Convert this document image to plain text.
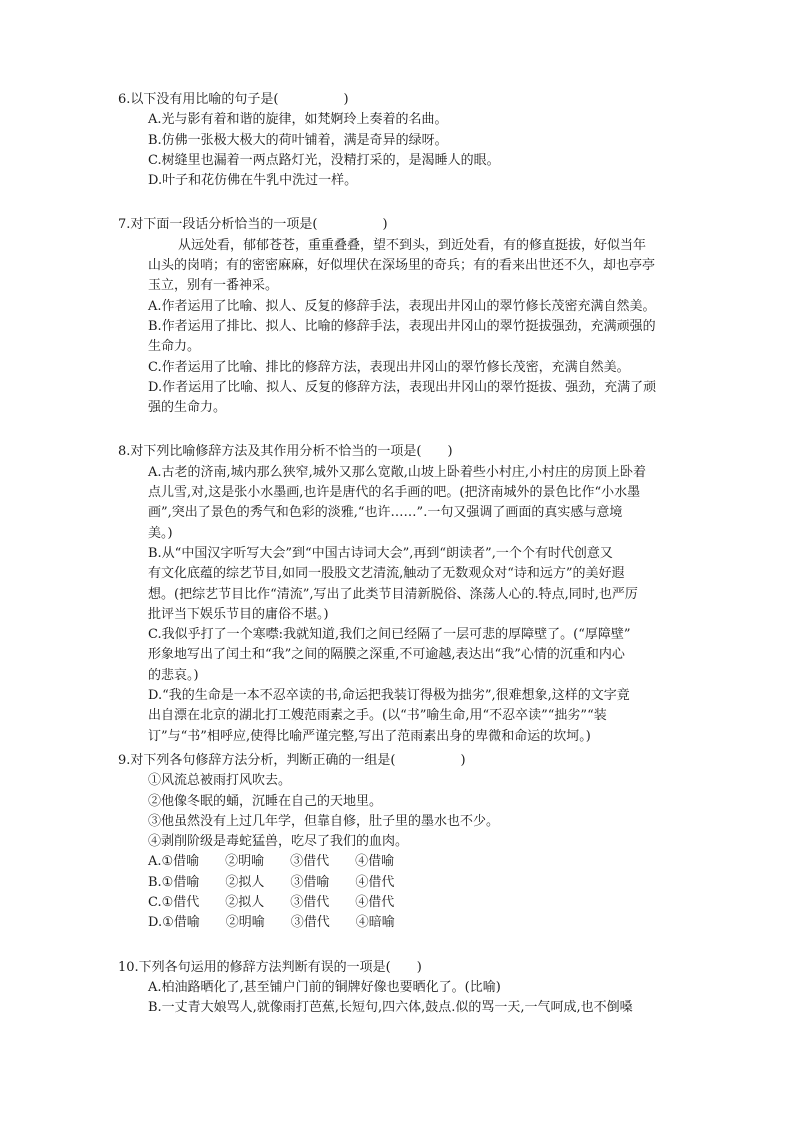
6.以下没有用比喻的句子是(　　　　　)
A.光与影有着和谐的旋律，如梵婀玲上奏着的名曲。
B.仿佛一张极大极大的荷叶铺着，满是奇异的绿呀。
C.树缝里也漏着一两点路灯光，没精打采的，是渴睡人的眼。
D.叶子和花仿佛在牛乳中洗过一样。
7.对下面一段话分析恰当的一项是(　　　　　)
从远处看，郁郁苍苍，重重叠叠，望不到头，到近处看，有的修直挺拔，好似当年
山头的岗哨；有的密密麻麻，好似埋伏在深场里的奇兵；有的看来出世还不久，却也亭亭
玉立，别有一番神采。
A.作者运用了比喻、拟人、反复的修辞手法，表现出井冈山的翠竹修长茂密充满自然美。
B.作者运用了排比、拟人、比喻的修辞手法，表现出井冈山的翠竹挺拔强劲，充满顽强的
生命力。
C.作者运用了比喻、排比的修辞方法，表现出井冈山的翠竹修长茂密，充满自然美。
D.作者运用了比喻、拟人、反复的修辞方法，表现出井冈山的翠竹挺拔、强劲，充满了顽
强的生命力。
8.对下列比喻修辞方法及其作用分析不恰当的一项是(　　)
A.古老的济南,城内那么狭窄,城外又那么宽敞,山坡上卧着些小村庄,小村庄的房顶上卧着
点儿雪,对,这是张小水墨画,也许是唐代的名手画的吧。(把济南城外的景色比作“小水墨
画”,突出了景色的秀气和色彩的淡雅,“也许……”.一句又强调了画面的真实感与意境
美。)
B.从“中国汉字听写大会”到“中国古诗词大会”,再到“朗读者”,一个个有时代创意又
有文化底蕴的综艺节目,如同一股股文艺清流,触动了无数观众对“诗和远方”的美好遐
想。(把综艺节目比作“清流”,写出了此类节目清新脱俗、涤荡人心的.特点,同时,也严厉
批评当下娱乐节目的庸俗不堪。)
C.我似乎打了一个寒噤:我就知道,我们之间已经隔了一层可悲的厚障壁了。(“厚障壁”
形象地写出了闰土和“我”之间的隔膜之深重,不可逾越,表达出“我”心情的沉重和内心
的悲哀。)
D.“我的生命是一本不忍卒读的书,命运把我装订得极为拙劣”,很难想象,这样的文字竟
出自漂在北京的湖北打工嫂范雨素之手。(以“书”喻生命,用“不忍卒读”“拙劣”“装
订”与“书”相呼应,使得比喻严谨完整,写出了范雨素出身的卑微和命运的坎坷。)
9.对下列各句修辞方法分析，判断正确的一组是(　　　　　)
①风流总被雨打风吹去。
②他像冬眠的蛹，沉睡在自己的天地里。
③他虽然没有上过几年学，但靠自修，肚子里的墨水也不少。
④剥削阶级是毒蛇猛兽，吃尽了我们的血肉。
A.①借喻　　②明喻　　③借代　　④借喻
B.①借喻　　②拟人　　③借喻　　④借代
C.①借代　　②拟人　　③借代　　④借代
D.①借喻　　②明喻　　③借代　　④暗喻
10.下列各句运用的修辞方法判断有误的一项是(　　)
A.柏油路晒化了,甚至铺户门前的铜牌好像也要晒化了。(比喻)
B.一丈青大娘骂人,就像雨打芭蕉,长短句,四六体,鼓点.似的骂一天,一气呵成,也不倒嗓
